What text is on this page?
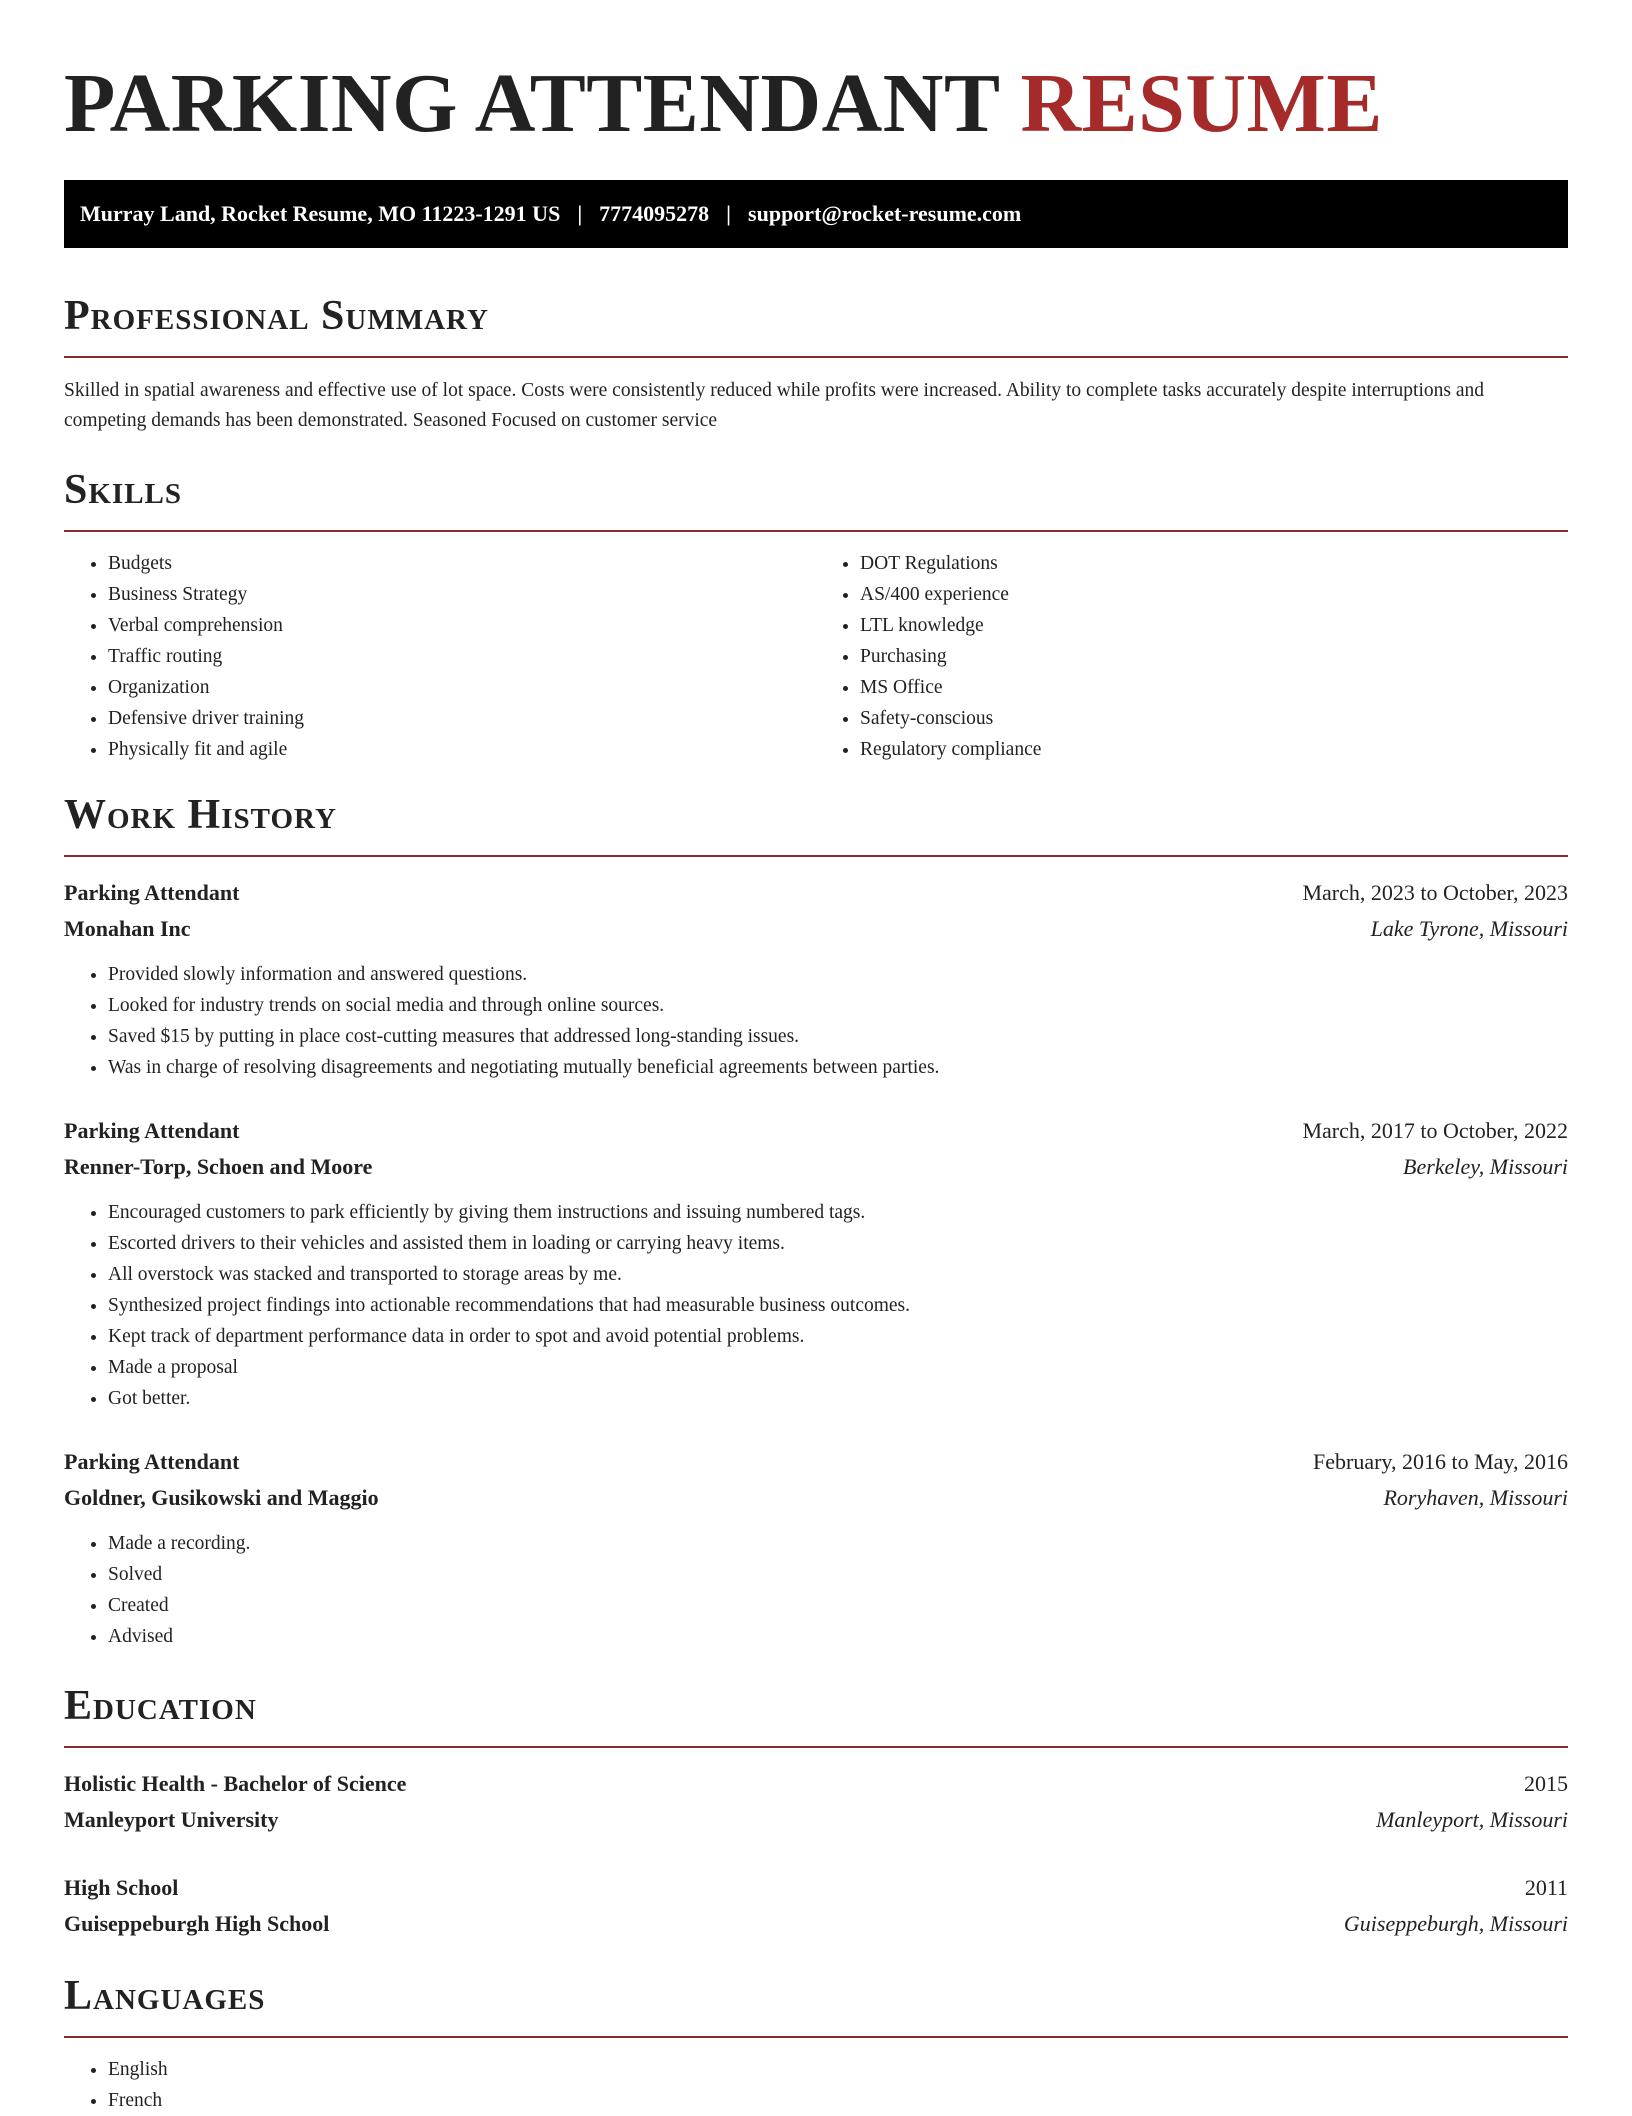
PARKING ATTENDANT RESUME
Murray Land, Rocket Resume, MO 11223-1291 US | 7774095278 | support@rocket-resume.com
Professional Summary

Skilled in spatial awareness and effective use of lot space. Costs were consistently reduced while profits were increased. Ability to complete tasks accurately despite interruptions and competing demands has been demonstrated. Seasoned Focused on customer service

Skills
• Budgets
• Business Strategy
• Verbal comprehension
• Traffic routing
• Organization
• Defensive driver training
• Physically fit and agile
• DOT Regulations
• AS/400 experience
• LTL knowledge
• Purchasing
• MS Office
• Safety-conscious
• Regulatory compliance
Work History
Parking Attendant	March, 2023 to October, 2023
Monahan Inc	Lake Tyrone, Missouri
• Provided slowly information and answered questions.
• Looked for industry trends on social media and through online sources.
• Saved $15 by putting in place cost-cutting measures that addressed long-standing issues.
• Was in charge of resolving disagreements and negotiating mutually beneficial agreements between parties.
Parking Attendant	March, 2017 to October, 2022
Renner-Torp, Schoen and Moore	Berkeley, Missouri
• Encouraged customers to park efficiently by giving them instructions and issuing numbered tags.
• Escorted drivers to their vehicles and assisted them in loading or carrying heavy items.
• All overstock was stacked and transported to storage areas by me.
• Synthesized project findings into actionable recommendations that had measurable business outcomes.
• Kept track of department performance data in order to spot and avoid potential problems.
• Made a proposal
• Got better.
Parking Attendant	February, 2016 to May, 2016
Goldner, Gusikowski and Maggio	Roryhaven, Missouri
• Made a recording.
• Solved
• Created
• Advised
Education
Holistic Health - Bachelor of Science	2015
Manleyport University	Manleyport, Missouri
High School	2011
Guiseppeburgh High School	Guiseppeburgh, Missouri
Languages
• English
• French
